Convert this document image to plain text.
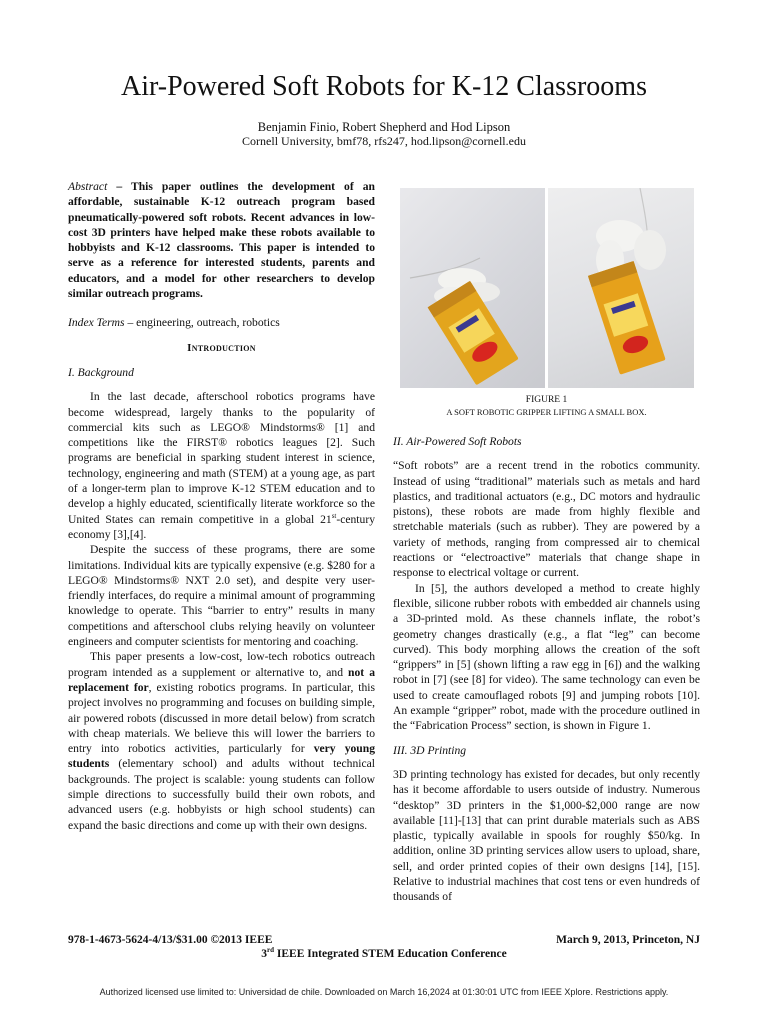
Air-Powered Soft Robots for K-12 Classrooms
Benjamin Finio, Robert Shepherd and Hod Lipson
Cornell University, bmf78, rfs247, hod.lipson@cornell.edu

Abstract – This paper outlines the development of an affordable, sustainable K-12 outreach program based pneumatically-powered soft robots. Recent advances in low-cost 3D printers have helped make these robots available to hobbyists and K-12 classrooms. This paper is intended to serve as a reference for interested students, parents and educators, and a model for other researchers to develop similar outreach programs.

Index Terms – engineering, outreach, robotics

Introduction

I. Background

In the last decade, afterschool robotics programs have become widespread, largely thanks to the popularity of commercial kits such as LEGO® Mindstorms® [1] and competitions like the FIRST® robotics leagues [2]. Such programs are beneficial in sparking student interest in science, technology, engineering and math (STEM) at a young age, as part of a longer-term plan to improve K-12 STEM education and to develop a highly educated, scientifically literate workforce so the United States can remain competitive in a global 21st-century economy [3],[4].

Despite the success of these programs, there are some limitations. Individual kits are typically expensive (e.g. $280 for a LEGO® Mindstorms® NXT 2.0 set), and despite very user-friendly interfaces, do require a minimal amount of programming knowledge to operate. This “barrier to entry” results in many competitions and afterschool clubs relying heavily on volunteer engineers and computer scientists for mentoring and coaching.

This paper presents a low-cost, low-tech robotics outreach program intended as a supplement or alternative to, and not a replacement for, existing robotics programs. In particular, this project involves no programming and focuses on building simple, air powered robots (discussed in more detail below) from scratch with cheap materials. We believe this will lower the barriers to entry into robotics activities, particularly for very young students (elementary school) and adults without technical backgrounds. The project is scalable: young students can follow simple directions to successfully build their own robots, and advanced users (e.g. hobbyists or high school students) can expand the basic directions and come up with their own designs.

FIGURE 1
A SOFT ROBOTIC GRIPPER LIFTING A SMALL BOX.

II. Air-Powered Soft Robots

“Soft robots” are a recent trend in the robotics community. Instead of using “traditional” materials such as metals and hard plastics, and traditional actuators (e.g., DC motors and hydraulic pistons), these robots are made from highly flexible and stretchable materials (such as rubber). They are powered by a variety of methods, ranging from compressed air to chemical reactions or “electroactive” materials that change shape in response to electrical voltage or current.

In [5], the authors developed a method to create highly flexible, silicone rubber robots with embedded air channels using a 3D-printed mold. As these channels inflate, the robot’s geometry changes drastically (e.g., a flat “leg” can become curved). This body morphing allows the creation of the soft “grippers” in [5] (shown lifting a raw egg in [6]) and the walking robot in [7] (see [8] for video). The same technology can even be used to create camouflaged robots [9] and jumping robots [10]. An example “gripper” robot, made with the procedure outlined in the “Fabrication Process” section, is shown in Figure 1.

III. 3D Printing

3D printing technology has existed for decades, but only recently has it become affordable to users outside of industry. Numerous “desktop” 3D printers in the $1,000-$2,000 range are now available [11]-[13] that can print durable materials such as ABS plastic, typically available in spools for roughly $50/kg. In addition, online 3D printing services allow users to upload, share, sell, and order printed copies of their own designs [14], [15]. Relative to industrial machines that cost tens or even hundreds of thousands of

978-1-4673-5624-4/13/$31.00 ©2013 IEEE	March 9, 2013, Princeton, NJ
3rd IEEE Integrated STEM Education Conference
Authorized licensed use limited to: Universidad de chile. Downloaded on March 16,2024 at 01:30:01 UTC from IEEE Xplore. Restrictions apply.
